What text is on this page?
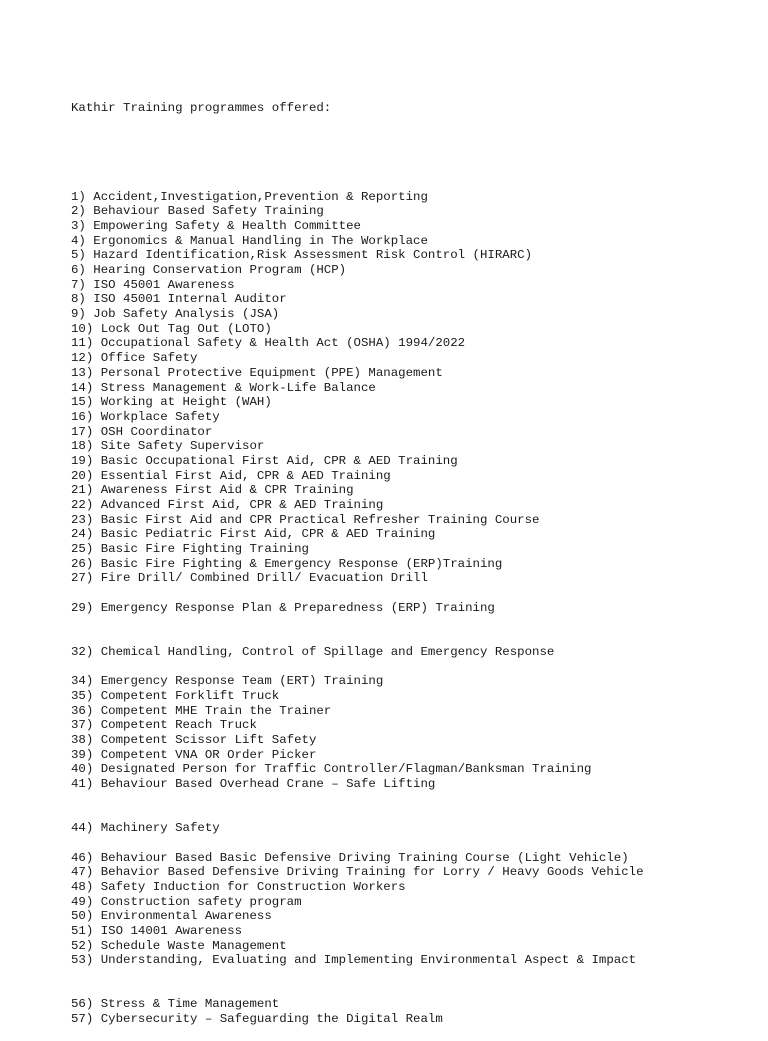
Kathir Training programmes offered:

1) Accident,Investigation,Prevention & Reporting
2) Behaviour Based Safety Training
3) Empowering Safety & Health Committee
4) Ergonomics & Manual Handling in The Workplace
5) Hazard Identification,Risk Assessment Risk Control (HIRARC)
6) Hearing Conservation Program (HCP)
7) ISO 45001 Awareness
8) ISO 45001 Internal Auditor
9) Job Safety Analysis (JSA)
10) Lock Out Tag Out (LOTO)
11) Occupational Safety & Health Act (OSHA) 1994/2022
12) Office Safety
13) Personal Protective Equipment (PPE) Management
14) Stress Management & Work-Life Balance
15) Working at Height (WAH)
16) Workplace Safety
17) OSH Coordinator
18) Site Safety Supervisor
19) Basic Occupational First Aid, CPR & AED Training
20) Essential First Aid, CPR & AED Training
21) Awareness First Aid & CPR Training
22) Advanced First Aid, CPR & AED Training
23) Basic First Aid and CPR Practical Refresher Training Course
24) Basic Pediatric First Aid, CPR & AED Training
25) Basic Fire Fighting Training
26) Basic Fire Fighting & Emergency Response (ERP)Training
27) Fire Drill/ Combined Drill/ Evacuation Drill
29) Emergency Response Plan & Preparedness (ERP) Training
32) Chemical Handling, Control of Spillage and Emergency Response
34) Emergency Response Team (ERT) Training
35) Competent Forklift Truck
36) Competent MHE Train the Trainer
37) Competent Reach Truck
38) Competent Scissor Lift Safety
39) Competent VNA OR Order Picker
40) Designated Person for Traffic Controller/Flagman/Banksman Training
41) Behaviour Based Overhead Crane – Safe Lifting
44) Machinery Safety
46) Behaviour Based Basic Defensive Driving Training Course (Light Vehicle)
47) Behavior Based Defensive Driving Training for Lorry / Heavy Goods Vehicle
48) Safety Induction for Construction Workers
49) Construction safety program
50) Environmental Awareness
51) ISO 14001 Awareness
52) Schedule Waste Management
53) Understanding, Evaluating and Implementing Environmental Aspect & Impact
56) Stress & Time Management
57) Cybersecurity – Safeguarding the Digital Realm
